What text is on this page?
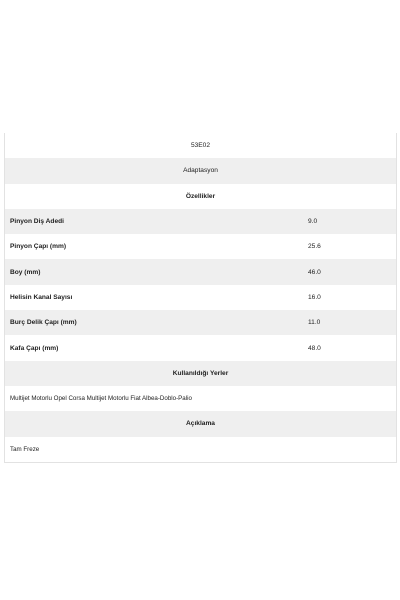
53E02
Adaptasyon
Özellikler
Pinyon Diş Adedi	9.0
Pinyon Çapı (mm)	25.6
Boy (mm)	46.0
Helisin Kanal Sayısı	16.0
Burç Delik Çapı (mm)	11.0
Kafa Çapı (mm)	48.0
Kullanıldığı Yerler
Multijet Motorlu Opel Corsa Multijet Motorlu Fiat Albea-Doblo-Palio
Açıklama
Tam Freze
